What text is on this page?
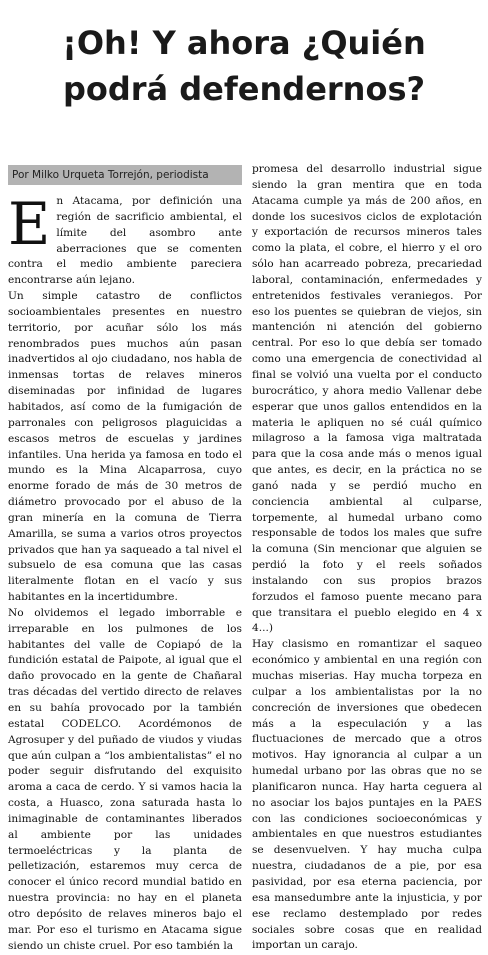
¡Oh! Y ahora ¿Quién
podrá defendernos?
Por Milko Urqueta Torrejón, periodista

En Atacama, por definición una región de sacrificio ambiental, el límite del asombro ante aberraciones que se comenten contra el medio ambiente pareciera encontrarse aún lejano.

Un simple catastro de conflictos socioambientales presentes en nuestro territorio, por acuñar sólo los más renombrados pues muchos aún pasan inadvertidos al ojo ciudadano, nos habla de inmensas tortas de relaves mineros diseminadas por infinidad de lugares habitados, así como de la fumigación de parronales con peligrosos plaguicidas a escasos metros de escuelas y jardines infantiles. Una herida ya famosa en todo el mundo es la Mina Alcaparrosa, cuyo enorme forado de más de 30 metros de diámetro provocado por el abuso de la gran minería en la comuna de Tierra Amarilla, se suma a varios otros proyectos privados que han ya saqueado a tal nivel el subsuelo de esa comuna que las casas literalmente flotan en el vacío y sus habitantes en la incertidumbre.

No olvidemos el legado imborrable e irreparable en los pulmones de los habitantes del valle de Copiapó de la fundición estatal de Paipote, al igual que el daño provocado en la gente de Chañaral tras décadas del vertido directo de relaves en su bahía provocado por la también estatal CODELCO. Acordémonos de Agrosuper y del puñado de viudos y viudas que aún culpan a “los ambientalistas” el no poder seguir disfrutando del exquisito aroma a caca de cerdo. Y si vamos hacia la costa, a Huasco, zona saturada hasta lo inimaginable de contaminantes liberados al ambiente por las unidades termoeléctricas y la planta de pelletización, estaremos muy cerca de conocer el único record mundial batido en nuestra provincia: no hay en el planeta otro depósito de relaves mineros bajo el mar. Por eso el turismo en Atacama sigue siendo un chiste cruel. Por eso también la

promesa del desarrollo industrial sigue siendo la gran mentira que en toda Atacama cumple ya más de 200 años, en donde los sucesivos ciclos de explotación y exportación de recursos mineros tales como la plata, el cobre, el hierro y el oro sólo han acarreado pobreza, precariedad laboral, contaminación, enfermedades y entretenidos festivales veraniegos. Por eso los puentes se quiebran de viejos, sin mantención ni atención del gobierno central. Por eso lo que debía ser tomado como una emergencia de conectividad al final se volvió una vuelta por el conducto burocrático, y ahora medio Vallenar debe esperar que unos gallos entendidos en la materia le apliquen no sé cuál químico milagroso a la famosa viga maltratada para que la cosa ande más o menos igual que antes, es decir, en la práctica no se ganó nada y se perdió mucho en conciencia ambiental al culparse, torpemente, al humedal urbano como responsable de todos los males que sufre la comuna (Sin mencionar que alguien se perdió la foto y el reels soñados instalando con sus propios brazos forzudos el famoso puente mecano para que transitara el pueblo elegido en 4 x 4...)

Hay clasismo en romantizar el saqueo económico y ambiental en una región con muchas miserias. Hay mucha torpeza en culpar a los ambientalistas por la no concreción de inversiones que obedecen más a la especulación y a las fluctuaciones de mercado que a otros motivos. Hay ignorancia al culpar a un humedal urbano por las obras que no se planificaron nunca. Hay harta ceguera al no asociar los bajos puntajes en la PAES con las condiciones socioeconómicas y ambientales en que nuestros estudiantes se desenvuelven. Y hay mucha culpa nuestra, ciudadanos de a pie, por esa pasividad, por esa eterna paciencia, por esa mansedumbre ante la injusticia, y por ese reclamo destemplado por redes sociales sobre cosas que en realidad importan un carajo.
